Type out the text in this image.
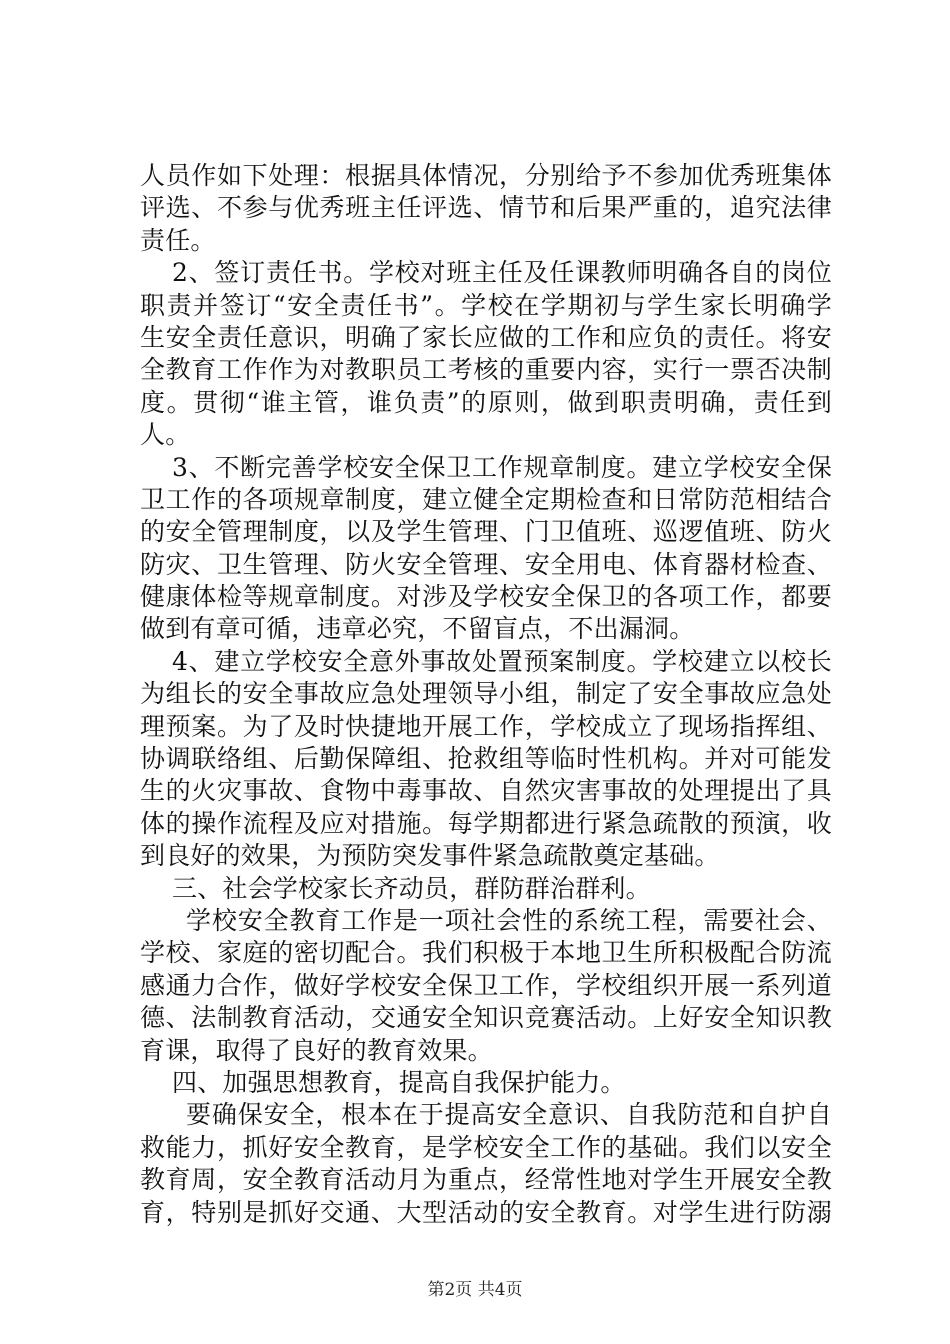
人员作如下处理：根据具体情况，分别给予不参加优秀班集体
评选、不参与优秀班主任评选、情节和后果严重的，追究法律
责任。
2、签订责任书。学校对班主任及任课教师明确各自的岗位
职责并签订“安全责任书”。学校在学期初与学生家长明确学
生安全责任意识，明确了家长应做的工作和应负的责任。将安
全教育工作作为对教职员工考核的重要内容，实行一票否决制
度。贯彻“谁主管，谁负责”的原则，做到职责明确，责任到
人。
3、不断完善学校安全保卫工作规章制度。建立学校安全保
卫工作的各项规章制度，建立健全定期检查和日常防范相结合
的安全管理制度，以及学生管理、门卫值班、巡逻值班、防火
防灾、卫生管理、防火安全管理、安全用电、体育器材检查、
健康体检等规章制度。对涉及学校安全保卫的各项工作，都要
做到有章可循，违章必究，不留盲点，不出漏洞。
4、建立学校安全意外事故处置预案制度。学校建立以校长
为组长的安全事故应急处理领导小组，制定了安全事故应急处
理预案。为了及时快捷地开展工作，学校成立了现场指挥组、
协调联络组、后勤保障组、抢救组等临时性机构。并对可能发
生的火灾事故、食物中毒事故、自然灾害事故的处理提出了具
体的操作流程及应对措施。每学期都进行紧急疏散的预演，收
到良好的效果，为预防突发事件紧急疏散奠定基础。
三、社会学校家长齐动员，群防群治群利。
学校安全教育工作是一项社会性的系统工程，需要社会、
学校、家庭的密切配合。我们积极于本地卫生所积极配合防流
感通力合作，做好学校安全保卫工作，学校组织开展一系列道
德、法制教育活动，交通安全知识竞赛活动。上好安全知识教
育课，取得了良好的教育效果。
四、加强思想教育，提高自我保护能力。
要确保安全，根本在于提高安全意识、自我防范和自护自
救能力，抓好安全教育，是学校安全工作的基础。我们以安全
教育周，安全教育活动月为重点，经常性地对学生开展安全教
育，特别是抓好交通、大型活动的安全教育。对学生进行防溺
第2页 共4页
